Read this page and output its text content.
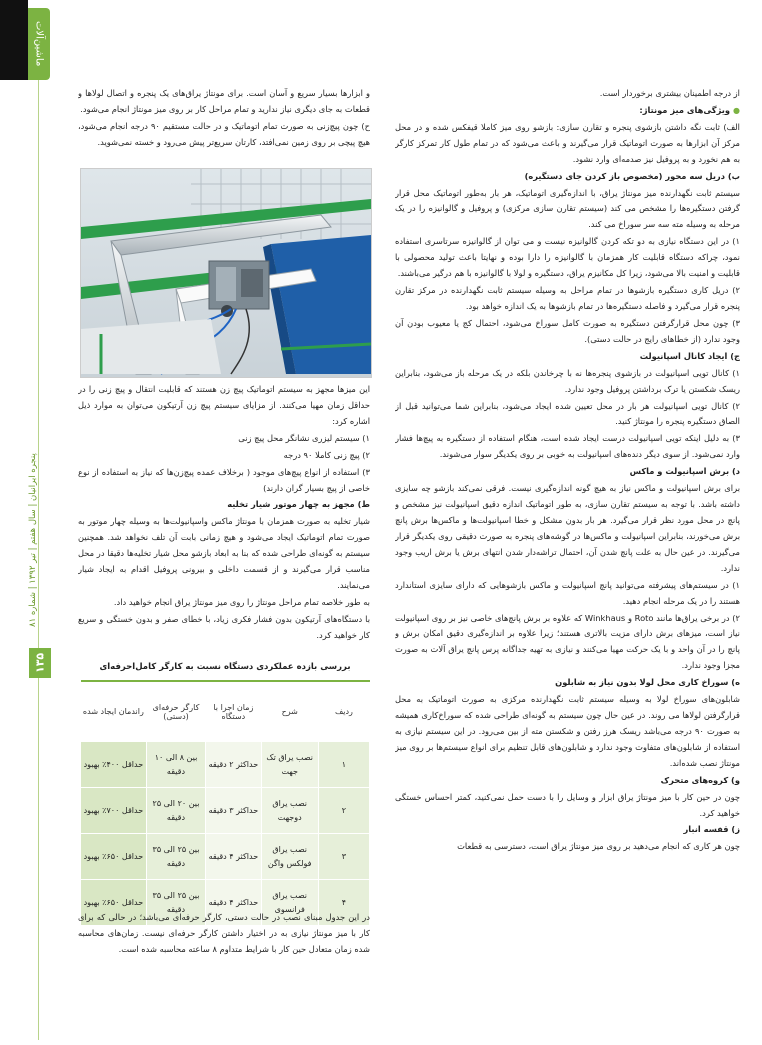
ماشین‌آلات
پنجره ایرانیان | سال هفتم | تیر ۱۳۹۲ | شماره ۸۱
۱۳۵

از درجه اطمینان بیشتری برخوردار است.

● ویژگی‌های میز مونتاژ:

الف) ثابت نگه داشتن بازشوی پنجره و تقارن سازی: بازشو روی میز کاملا قیفکس شده و در محل مرکز آن ابزارها به صورت اتوماتیک قرار می‌گیرند و باعث می‌شود که در تمام طول کار تمرکز کارگر به هم نخورد و به پروفیل نیز صدمه‌ای وارد نشود.

ب) دریل سه محور (مخصوص باز کردن جای دستگیره)

سیستم ثابت نگهدارنده میز مونتاژ یراق، با اندازه‌گیری اتوماتیک، هر بار به‌طور اتوماتیک محل قرار گرفتن دستگیره‌ها را مشخص می کند (سیستم تقارن سازی مرکزی) و پروفیل و گالوانیزه را در یک مرحله به وسیله مته سه سر سوراخ می کند.

۱) در این دستگاه نیازی به دو تکه کردن گالوانیزه نیست و می توان از گالوانیزه سرتاسری استفاده نمود، چراکه دستگاه قابلیت کار همزمان با گالوانیزه را دارا بوده و نهایتا باعث تولید محصولی با قابلیت و امنیت بالا می‌شود، زیرا کل مکانیزم یراق، دستگیره و لولا با گالوانیزه با هم درگیر می‌باشند.

۲) دریل کاری دستگیره بازشوها در تمام مراحل به وسیله سیستم ثابت نگهدارنده در مرکز تقارن پنجره قرار می‌گیرد و فاصله دستگیره‌ها در تمام بازشوها به یک اندازه خواهد بود.

۳) چون محل قرارگرفتن دستگیره به صورت کامل سوراخ می‌شود، احتمال کج یا معیوب بودن آن وجود ندارد (از خطاهای رایج در حالت دستی).

ج) ایجاد کانال اسپانیولت

۱) کانال تویی اسپانیولت در بازشوی پنجره‌ها نه با چرخاندن بلکه در یک مرحله باز می‌شود، بنابراین ریسک شکستن یا ترک برداشتن پروفیل وجود ندارد.

۲) کانال تویی اسپانیولت هر بار در محل تعیین شده ایجاد می‌شود، بنابراین شما می‌توانید قبل از الصاق دستگیره پنجره را مونتاژ کنید.

۳) به دلیل اینکه تویی اسپانیولت درست ایجاد شده است، هنگام استفاده از دستگیره به پیچ‌ها فشار وارد نمی‌شود. از سوی دیگر دنده‌های اسپانیولت به خوبی بر روی یکدیگر سوار می‌شوند.

د) برش اسپانیولت و ماکس

برای برش اسپانیولت و ماکس نیاز به هیچ گونه اندازه‌گیری نیست. فرقی نمی‌کند بازشو چه سایزی داشته باشد. با توجه به سیستم تقارن سازی، به طور اتوماتیک اندازه دقیق اسپانیولت نیز مشخص و پانچ در محل مورد نظر قرار می‌گیرد. هر بار بدون مشکل و خطا اسپانیولت‌ها و ماکس‌ها برش پانچ برش می‌خورند، بنابراین اسپانیولت و ماکس‌ها در گوشه‌های پنجره به صورت دقیقی روی یکدیگر قرار می‌گیرند. در عین حال به علت پانچ شدن آن، احتمال تراشه‌دار شدن انتهای برش یا برش اریب وجود ندارد.

۱) در سیستم‌های پیشرفته می‌توانید پانچ اسپانیولت و ماکس بازشوهایی که دارای سایزی استاندارد هستند را در یک مرحله انجام دهید.

۲) در برخی یراق‌ها مانند Roto و Winkhaus که علاوه بر برش پانچ‌های خاصی نیز بر روی اسپانیولت نیاز است، میزهای برش دارای مزیت بالاتری هستند؛ زیرا علاوه بر اندازه‌گیری دقیق امکان برش و پانچ را در آن واحد و با یک حرکت مهیا می‌کنند و نیازی به تهیه جداگانه پرس پانچ یراق آلات به صورت مجزا وجود ندارد.

ه) سوراخ کاری محل لولا بدون نیاز به شابلون

شابلون‌های سوراخ لولا به وسیله سیستم ثابت نگهدارنده مرکزی به صورت اتوماتیک به محل قرارگرفتن لولاها می روند. در عین حال چون سیستم به گونه‌ای طراحی شده که سوراخ‌کاری همیشه به صورت ۹۰ درجه می‌باشد ریسک هرز رفتن و شکستن مته از بین می‌رود. در این سیستم نیازی به استفاده از شابلون‌های متفاوت وجود ندارد و شابلون‌های قابل تنظیم برای انواع سیستم‌ها بر روی میز مونتاژ نصب شده‌اند.

و) کروه‌های متحرک

چون در حین کار با میز مونتاژ یراق ابزار و وسایل را با دست حمل نمی‌کنید، کمتر احساس خستگی خواهید کرد.

ز) قفسه انبار

چون هر کاری که انجام می‌دهید بر روی میز مونتاژ یراق است، دسترسی به قطعات

و ابزارها بسیار سریع و آسان است. برای مونتاژ یراق‌های یک پنجره و اتصال لولاها و قطعات به جای دیگری نیاز ندارید و تمام مراحل کار بر روی میز مونتاژ انجام می‌شود.

ح) چون پیچ‌زنی به صورت تمام اتوماتیک و در حالت مستقیم ۹۰ درجه انجام می‌شود، هیچ پیچی بر روی زمین نمی‌افتد، کارتان سریع‌تر پیش می‌رود و خسته نمی‌شوید.

این میزها مجهز به سیستم اتوماتیک پیچ زن هستند که قابلیت انتقال و پیچ زنی را در حداقل زمان مهیا می‌کنند. از مزایای سیستم پیچ زن آرتیکون می‌توان به موارد ذیل اشاره کرد:

۱) سیستم لیزری نشانگر محل پیچ زنی

۲) پیچ زنی کاملا ۹۰ درجه

۳) استفاده از انواع پیچ‌های موجود ( برخلاف عمده پیچ‌زن‌ها که نیاز به استفاده از نوع خاصی از پیچ بسیار گران دارند)

ط) مجهز به چهار موتور شیار تخلیه

شیار تخلیه به صورت همزمان با مونتاژ ماکس واسپانیولت‌ها به وسیله چهار موتور به صورت تمام اتوماتیک ایجاد می‌شود و هیچ زمانی بابت آن تلف نخواهد شد. همچنین سیستم به گونه‌ای طراحی شده که بنا به ابعاد بازشو محل شیار تخلیه‌ها دقیقا در محل مناسب قرار می‌گیرند و از قسمت داخلی و بیرونی پروفیل اقدام به ایجاد شیار می‌نمایند.

به طور خلاصه تمام مراحل مونتاژ را روی میز مونتاژ یراق انجام خواهید داد.

با دستگاه‌های آرتیکون بدون فشار فکری زیاد، با خطای صفر و بدون خستگی و سریع کار خواهید کرد.

بررسی بازده عملکردی دستگاه نسبت به کارگر کامل‌احرفه‌ای
ردیف	شرح	زمان اجرا با دستگاه	کارگر حرفه‌ای (دستی)	راندمان ایجاد شده
۱	نصب یراق تک جهت	حداکثر ۲ دقیقه	بین ۸ الی ۱۰ دقیقه	حداقل ۴۰۰٪ بهبود
۲	نصب یراق دوجهت	حداکثر ۳ دقیقه	بین ۲۰ الی ۲۵ دقیقه	حداقل ۷۰۰٪ بهبود
۳	نصب یراق فولکس واگن	حداکثر ۴ دقیقه	بین ۲۵ الی ۳۵ دقیقه	حداقل ۶۵۰٪ بهبود
۴	نصب یراق فرانسوی	حداکثر ۴ دقیقه	بین ۲۵ الی ۳۵ دقیقه	حداقل ۶۵۰٪ بهبود

در این جدول مبنای نصب در حالت دستی، کارگر حرفه‌ای می‌باشد؛ در حالی که برای کار با میز مونتاژ نیازی به در اختیار داشتن کارگر حرفه‌ای نیست. زمان‌های محاسبه شده زمان متعادل حین کار با شرایط متداوم ۸ ساعته محاسبه شده است.
